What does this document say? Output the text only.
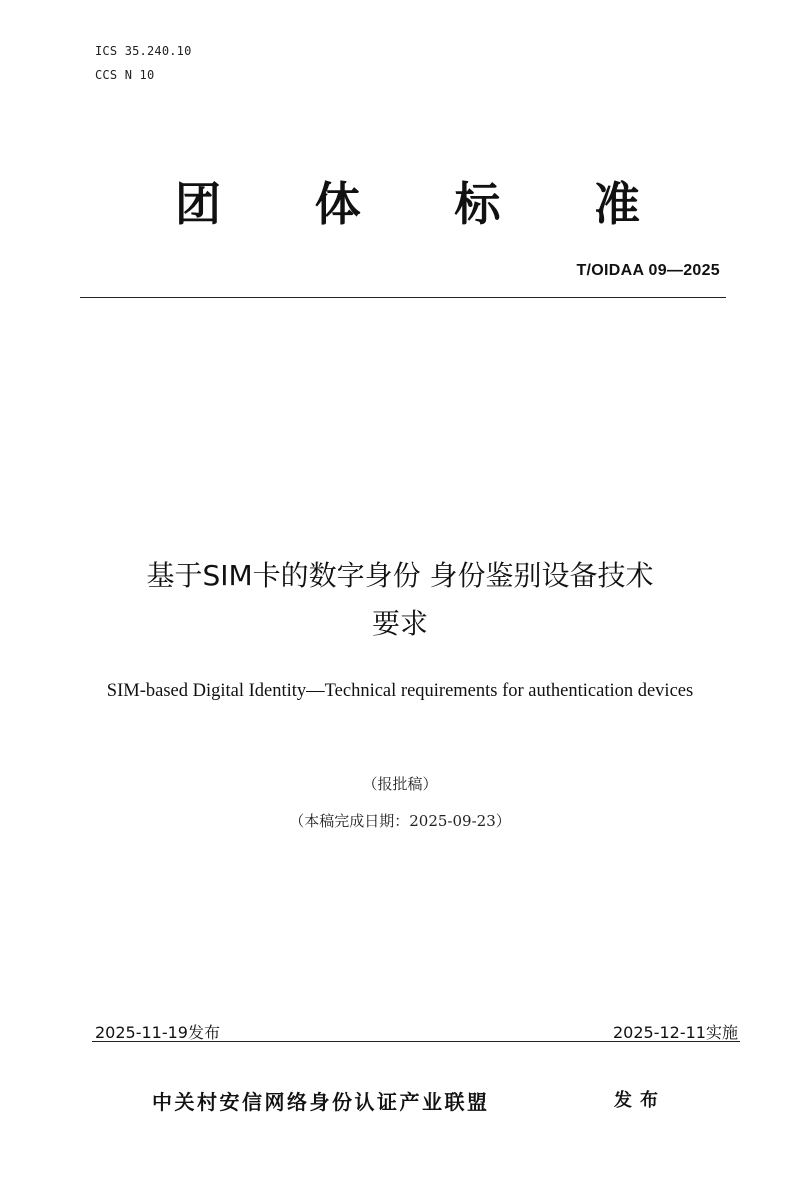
ICS 35.240.10
CCS N 10
团 体 标 准
T/OIDAA 09—2025
基于SIM卡的数字身份 身份鉴别设备技术
要求
SIM-based Digital Identity—Technical requirements for authentication devices
（报批稿）
（本稿完成日期：2025-09-23）
2025-11-19发布	2025-12-11实施
中关村安信网络身份认证产业联盟	发布
